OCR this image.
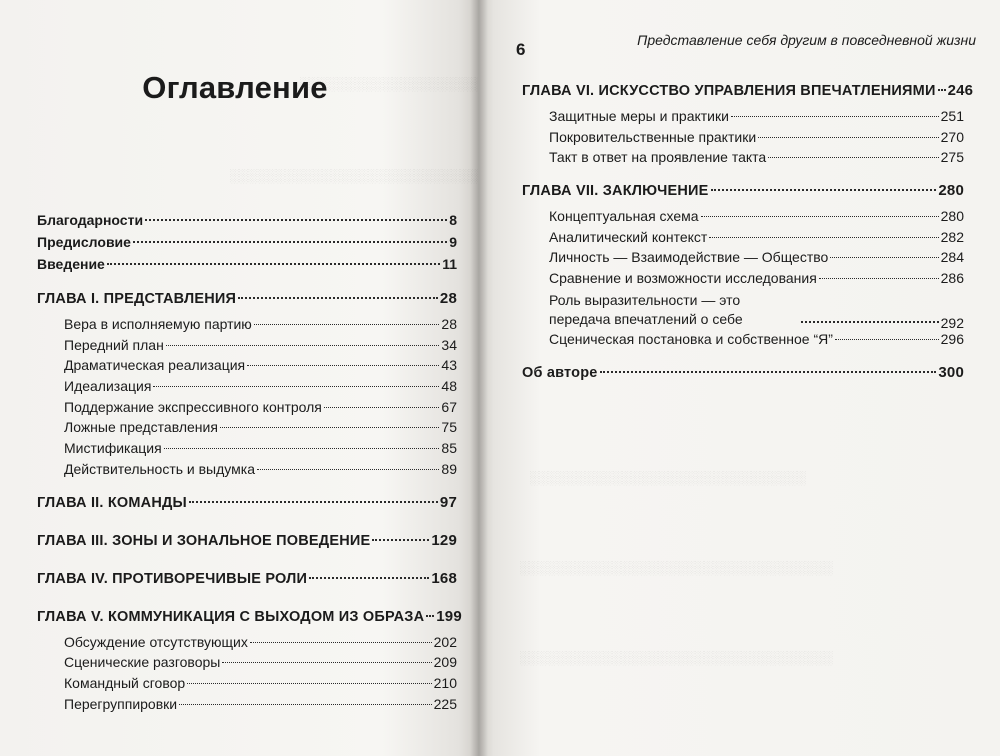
Оглавление
░░░░░░░░░░░░░░░░░░░░░░░░
░░░░░░░░░░░░░░░░░░░░░░░░░░░░░░░
Благодарности	8
Предисловие	9
Введение	11
ГЛАВА I. ПРЕДСТАВЛЕНИЯ	28
Вера в исполняемую партию	28
Передний план	34
Драматическая реализация	43
Идеализация	48
Поддержание экспрессивного контроля	67
Ложные представления	75
Мистификация	85
Действительность и выдумка	89
ГЛАВА II. КОМАНДЫ	97
ГЛАВА III. ЗОНЫ И ЗОНАЛЬНОЕ ПОВЕДЕНИЕ	129
ГЛАВА IV. ПРОТИВОРЕЧИВЫЕ РОЛИ	168
ГЛАВА V. КОММУНИКАЦИЯ С ВЫХОДОМ ИЗ ОБРАЗА 199
Обсуждение отсутствующих	202
Сценические разговоры	209
Командный сговор	210
Перегруппировки	225

6	Представление себя другим в повседневной жизни

ГЛАВА VI. ИСКУССТВО УПРАВЛЕНИЯ ВПЕЧАТЛЕНИЯМИ 246
Защитные меры и практики	251
Покровительственные практики	270
Такт в ответ на проявление такта	275
ГЛАВА VII. ЗАКЛЮЧЕНИЕ	280
Концептуальная схема	280
Аналитический контекст	282
Личность — Взаимодействие — Общество	284
Сравнение и возможности исследования	286
Роль выразительности — это передача впечатлений о себе	292
Сценическая постановка и собственное “Я”	296
Об авторе	300
